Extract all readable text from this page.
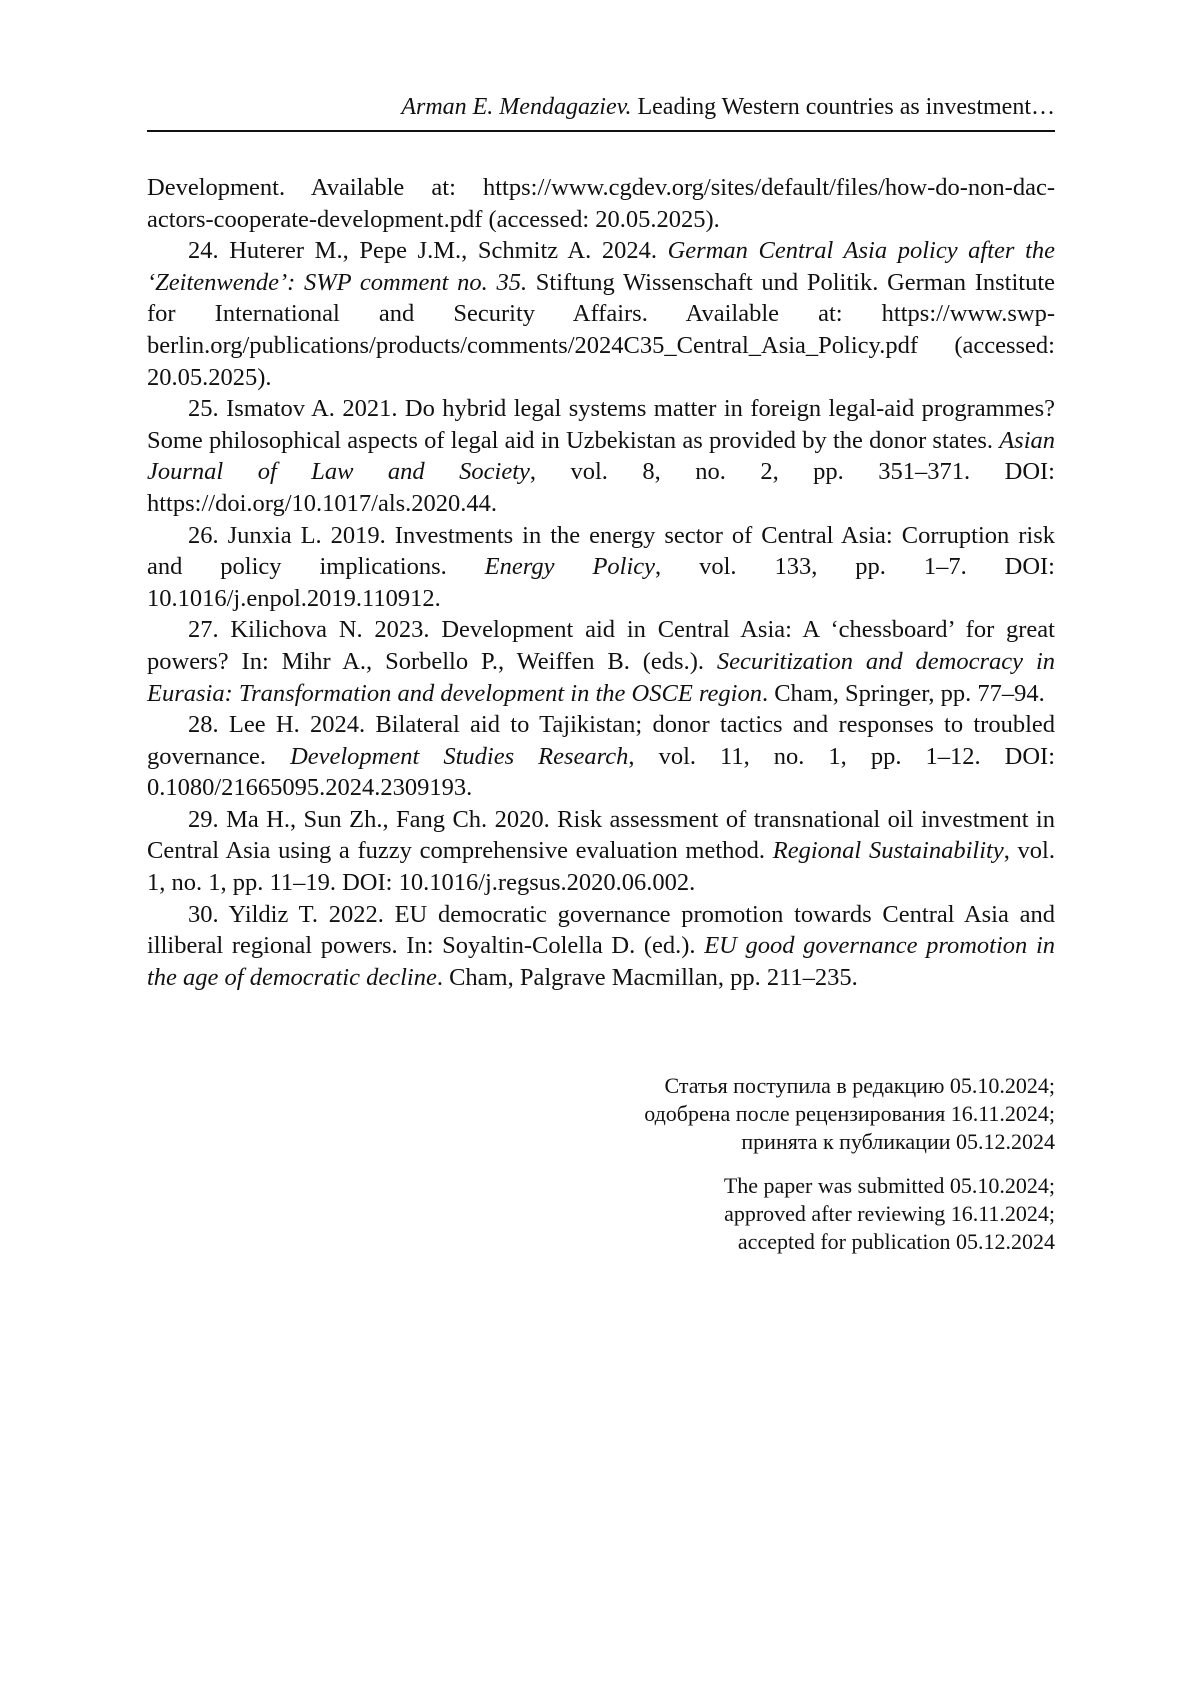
Arman E. Mendagaziev. Leading Western countries as investment…

Development. Available at: https://www.cgdev.org/sites/default/files/how-do-non-dac-actors-cooperate-development.pdf (accessed: 20.05.2025).

24. Huterer M., Pepe J.M., Schmitz A. 2024. German Central Asia policy after the ‘Zeitenwende’: SWP comment no. 35. Stiftung Wissenschaft und Politik. German Institute for International and Security Affairs. Available at: https://www.swp-berlin.org/publications/products/comments/2024C35_Central_Asia_Policy.pdf (accessed: 20.05.2025).

25. Ismatov A. 2021. Do hybrid legal systems matter in foreign legal-aid programmes? Some philosophical aspects of legal aid in Uzbekistan as provided by the donor states. Asian Journal of Law and Society, vol. 8, no. 2, pp. 351–371. DOI: https://doi.org/10.1017/als.2020.44.

26. Junxia L. 2019. Investments in the energy sector of Central Asia: Corruption risk and policy implications. Energy Policy, vol. 133, pp. 1–7. DOI: 10.1016/j.enpol.2019.110912.

27. Kilichova N. 2023. Development aid in Central Asia: A ‘chessboard’ for great powers? In: Mihr A., Sorbello P., Weiffen B. (eds.). Securitization and democracy in Eurasia: Transformation and development in the OSCE region. Cham, Springer, pp. 77–94.

28. Lee H. 2024. Bilateral aid to Tajikistan; donor tactics and responses to troubled governance. Development Studies Research, vol. 11, no. 1, pp. 1–12. DOI: 0.1080/21665095.2024.2309193.

29. Ma H., Sun Zh., Fang Ch. 2020. Risk assessment of transnational oil investment in Central Asia using a fuzzy comprehensive evaluation method. Regional Sustainability, vol. 1, no. 1, pp. 11–19. DOI: 10.1016/j.regsus.2020.06.002.

30. Yildiz T. 2022. EU democratic governance promotion towards Central Asia and illiberal regional powers. In: Soyaltin-Colella D. (ed.). EU good governance promotion in the age of democratic decline. Cham, Palgrave Macmillan, pp. 211–235.

Статья поступила в редакцию 05.10.2024;
одобрена после рецензирования 16.11.2024;
принята к публикации 05.12.2024
The paper was submitted 05.10.2024;
approved after reviewing 16.11.2024;
accepted for publication 05.12.2024
